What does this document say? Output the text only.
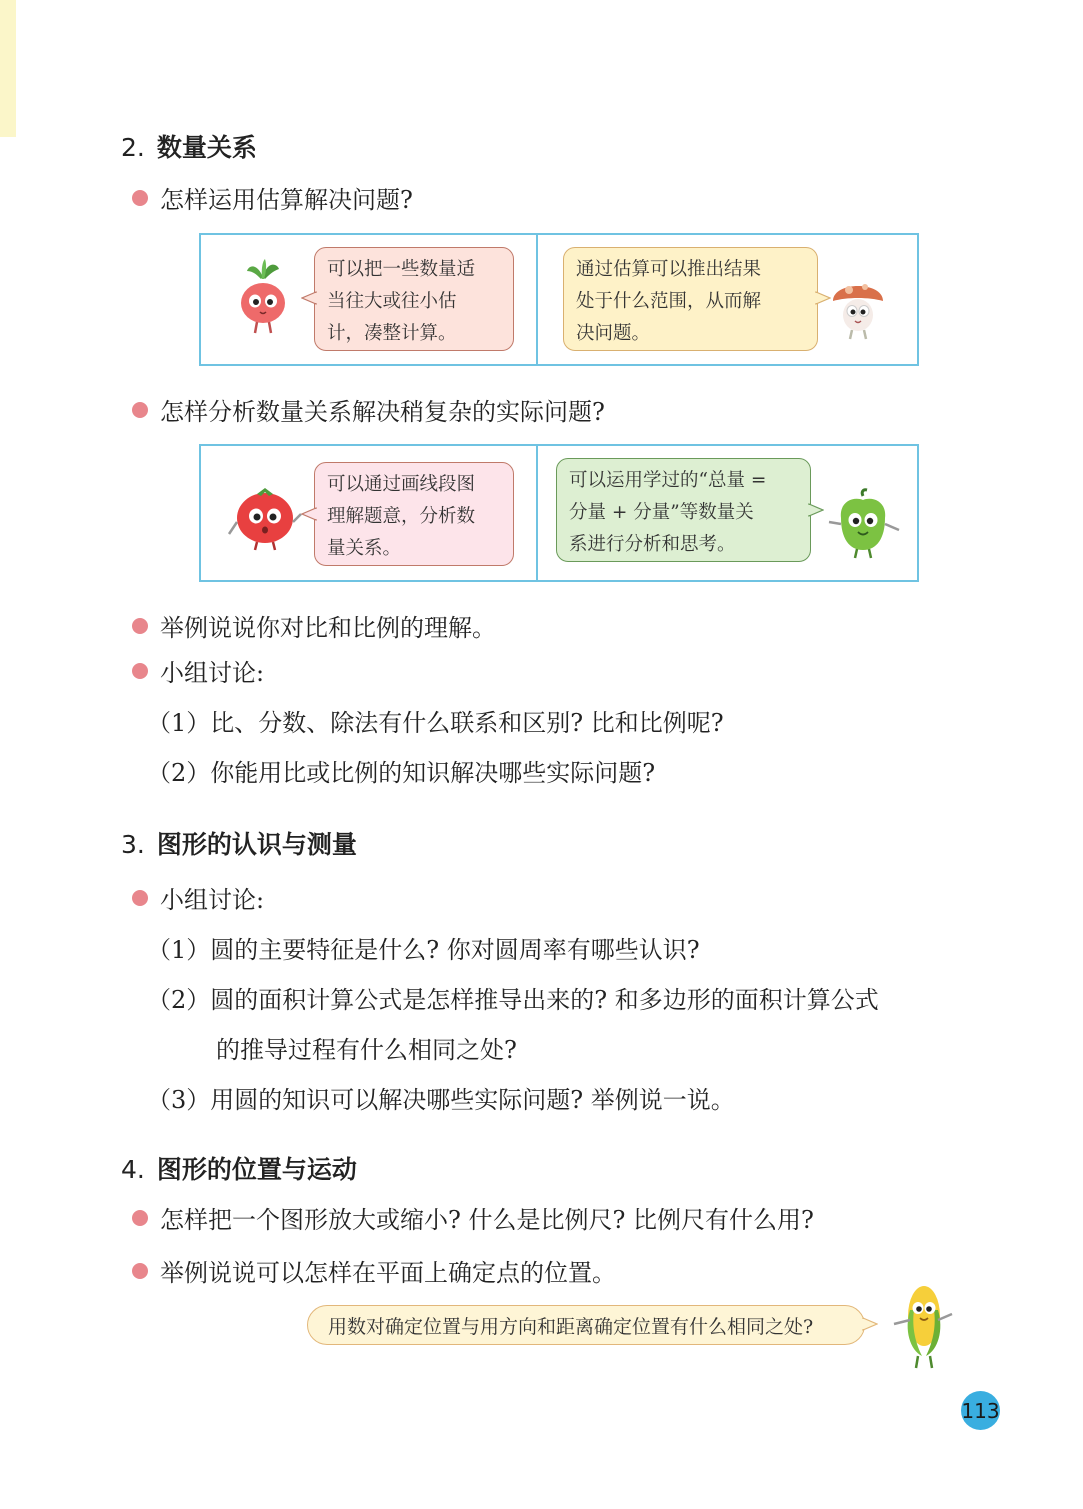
2. 数量关系
怎样运用估算解决问题?
可以把一些数量适
当往大或往小估
计，凑整计算。
通过估算可以推出结果
处于什么范围，从而解
决问题。
怎样分析数量关系解决稍复杂的实际问题?
可以通过画线段图
理解题意，分析数
量关系。
可以运用学过的“总量 =
分量 + 分量”等数量关
系进行分析和思考。
举例说说你对比和比例的理解。
小组讨论:
（1）比、分数、除法有什么联系和区别? 比和比例呢?
（2）你能用比或比例的知识解决哪些实际问题?
3. 图形的认识与测量
小组讨论:
（1）圆的主要特征是什么? 你对圆周率有哪些认识?
（2）圆的面积计算公式是怎样推导出来的? 和多边形的面积计算公式
的推导过程有什么相同之处?
（3）用圆的知识可以解决哪些实际问题? 举例说一说。
4. 图形的位置与运动
怎样把一个图形放大或缩小? 什么是比例尺? 比例尺有什么用?
举例说说可以怎样在平面上确定点的位置。
用数对确定位置与用方向和距离确定位置有什么相同之处?
113
